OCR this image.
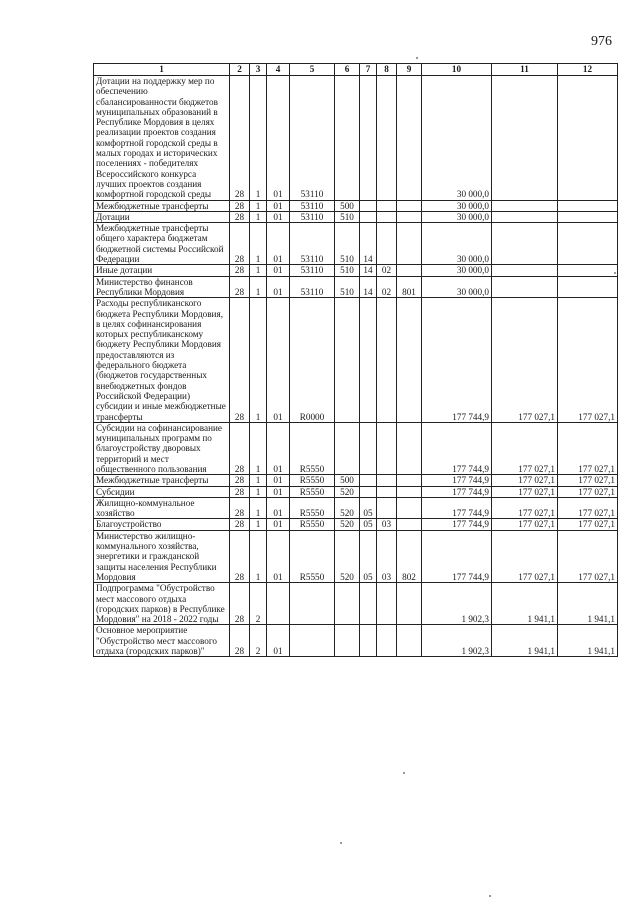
976
1	2	3	4	5	6	7	8	9	10	11	12
Дотации на поддержку мер по обеспечению сбалансированности бюджетов муниципальных образований в Республике Мордовия в целях реализации проектов создания комфортной городской среды в малых городах и исторических поселениях - победителях Всероссийского конкурса лучших проектов создания комфортной городской среды	28	1	01	53110					30 000,0		
Межбюджетные трансферты	28	1	01	53110	500				30 000,0		
Дотации	28	1	01	53110	510				30 000,0		
Межбюджетные трансферты общего характера бюджетам бюджетной системы Российской Федерации	28	1	01	53110	510	14			30 000,0		
Иные дотации	28	1	01	53110	510	14	02		30 000,0		
Министерство финансов Республики Мордовия	28	1	01	53110	510	14	02	801	30 000,0		
Расходы республиканского бюджета Республики Мордовия, в целях софинансирования которых республиканскому бюджету Республики Мордовия предоставляются из федерального бюджета (бюджетов государственных внебюджетных фондов Российской Федерации) субсидии и иные межбюджетные трансферты	28	1	01	R0000					177 744,9	177 027,1	177 027,1
Субсидии на софинансирование муниципальных программ по благоустройству дворовых территорий и мест общественного пользования	28	1	01	R5550					177 744,9	177 027,1	177 027,1
Межбюджетные трансферты	28	1	01	R5550	500				177 744,9	177 027,1	177 027,1
Субсидии	28	1	01	R5550	520				177 744,9	177 027,1	177 027,1
Жилищно-коммунальное хозяйство	28	1	01	R5550	520	05			177 744,9	177 027,1	177 027,1
Благоустройство	28	1	01	R5550	520	05	03		177 744,9	177 027,1	177 027,1
Министерство жилищно-коммунального хозяйства, энергетики и гражданской защиты населения Республики Мордовия	28	1	01	R5550	520	05	03	802	177 744,9	177 027,1	177 027,1
Подпрограмма "Обустройство мест массового отдыха (городских парков) в Республике Мордовия" на 2018 - 2022 годы	28	2							1 902,3	1 941,1	1 941,1
Основное мероприятие "Обустройство мест массового отдыха (городских парков)"	28	2	01						1 902,3	1 941,1	1 941,1
